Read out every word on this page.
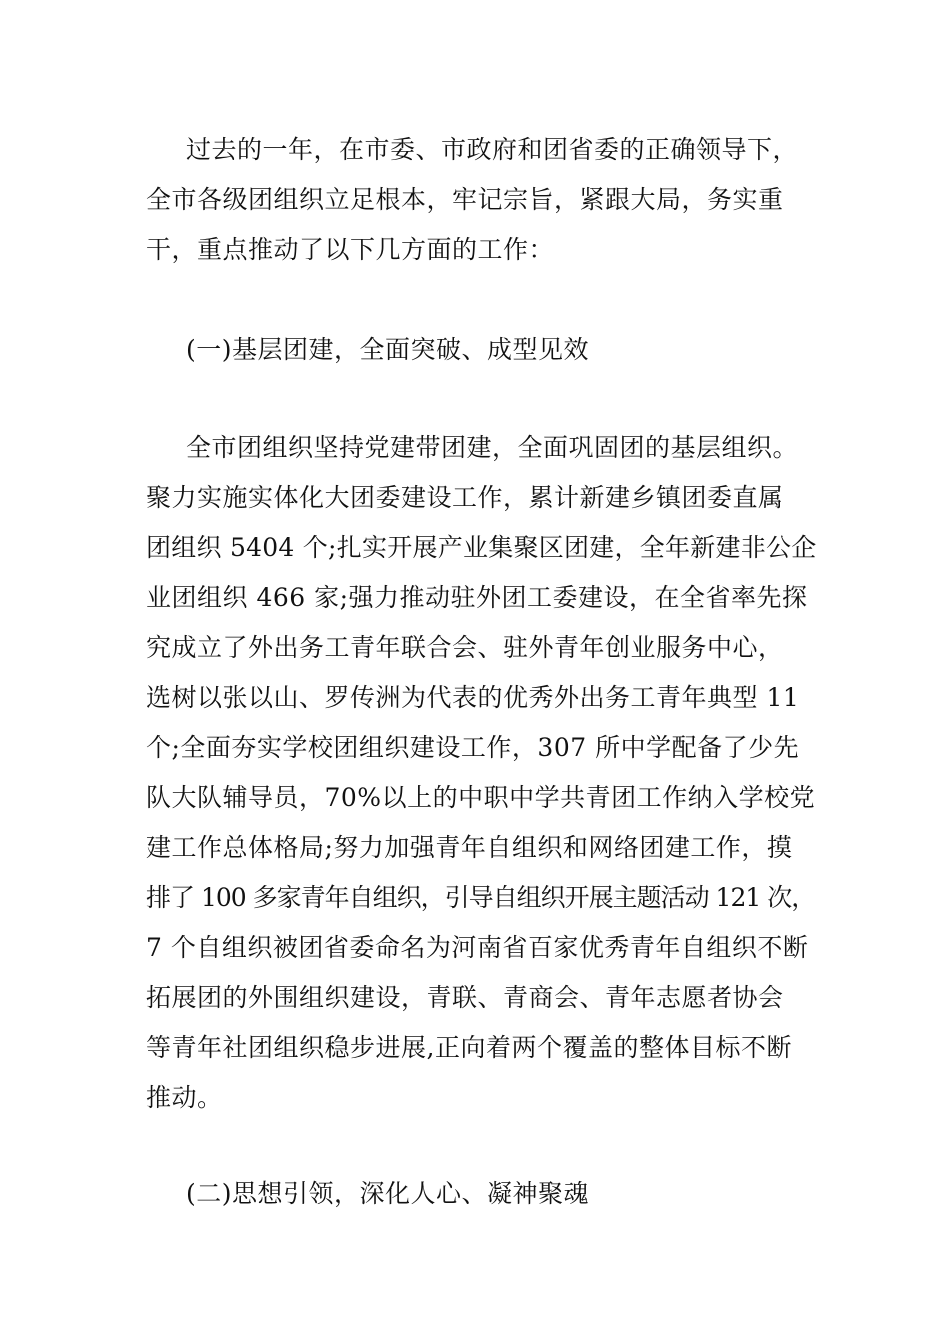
过去的一年，在市委、市政府和团省委的正确领导下，
全市各级团组织立足根本，牢记宗旨，紧跟大局，务实重
干，重点推动了以下几方面的工作：
(一)基层团建，全面突破、成型见效
全市团组织坚持党建带团建，全面巩固团的基层组织。
聚力实施实体化大团委建设工作，累计新建乡镇团委直属
团组织 5404 个;扎实开展产业集聚区团建，全年新建非公企
业团组织 466 家;强力推动驻外团工委建设，在全省率先探
究成立了外出务工青年联合会、驻外青年创业服务中心，
选树以张以山、罗传洲为代表的优秀外出务工青年典型 11
个;全面夯实学校团组织建设工作，307 所中学配备了少先
队大队辅导员，70%以上的中职中学共青团工作纳入学校党
建工作总体格局;努力加强青年自组织和网络团建工作，摸
排了 100 多家青年自组织，引导自组织开展主题活动 121 次，
7 个自组织被团省委命名为河南省百家优秀青年自组织不断
拓展团的外围组织建设，青联、青商会、青年志愿者协会
等青年社团组织稳步进展,正向着两个覆盖的整体目标不断
推动。
(二)思想引领，深化人心、凝神聚魂
